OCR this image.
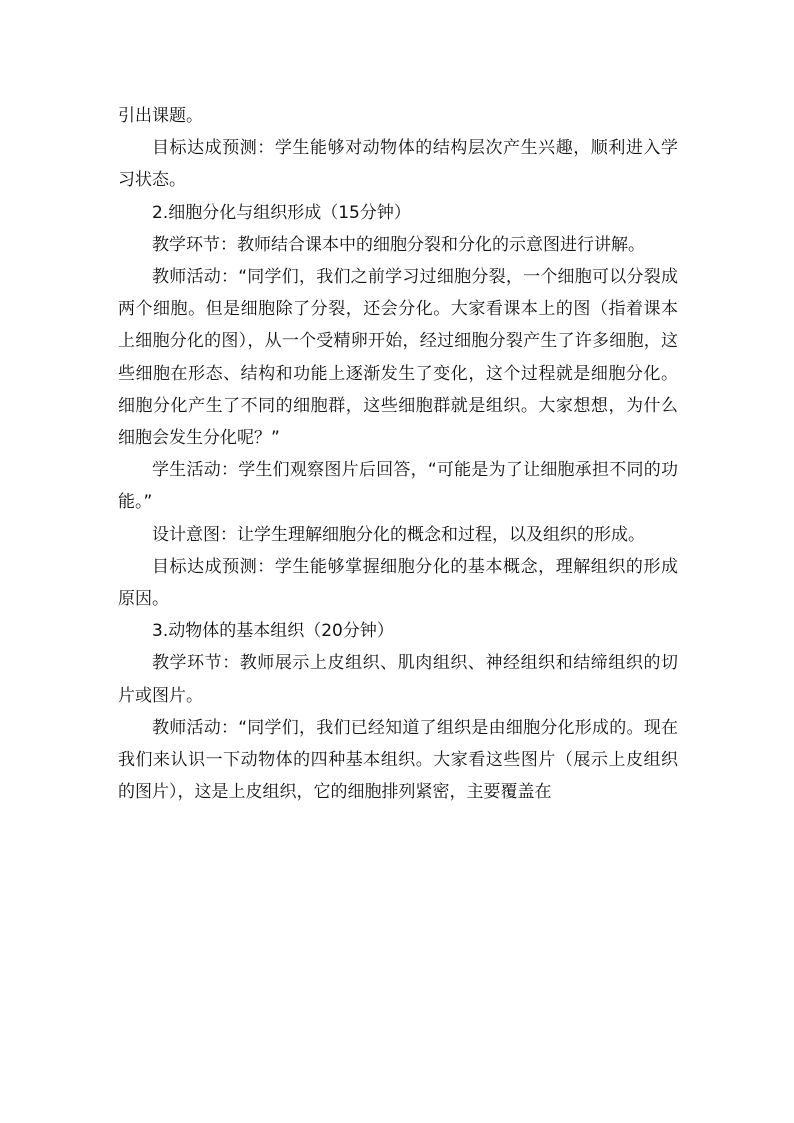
引出课题。

目标达成预测：学生能够对动物体的结构层次产生兴趣，顺利进入学习状态。

2.细胞分化与组织形成（15分钟）

教学环节：教师结合课本中的细胞分裂和分化的示意图进行讲解。

教师活动：“同学们，我们之前学习过细胞分裂，一个细胞可以分裂成两个细胞。但是细胞除了分裂，还会分化。大家看课本上的图（指着课本上细胞分化的图），从一个受精卵开始，经过细胞分裂产生了许多细胞，这些细胞在形态、结构和功能上逐渐发生了变化，这个过程就是细胞分化。细胞分化产生了不同的细胞群，这些细胞群就是组织。大家想想，为什么细胞会发生分化呢？”

学生活动：学生们观察图片后回答，“可能是为了让细胞承担不同的功能。”

设计意图：让学生理解细胞分化的概念和过程，以及组织的形成。

目标达成预测：学生能够掌握细胞分化的基本概念，理解组织的形成原因。

3.动物体的基本组织（20分钟）

教学环节：教师展示上皮组织、肌肉组织、神经组织和结缔组织的切片或图片。

教师活动：“同学们，我们已经知道了组织是由细胞分化形成的。现在我们来认识一下动物体的四种基本组织。大家看这些图片（展示上皮组织的图片），这是上皮组织，它的细胞排列紧密，主要覆盖在
